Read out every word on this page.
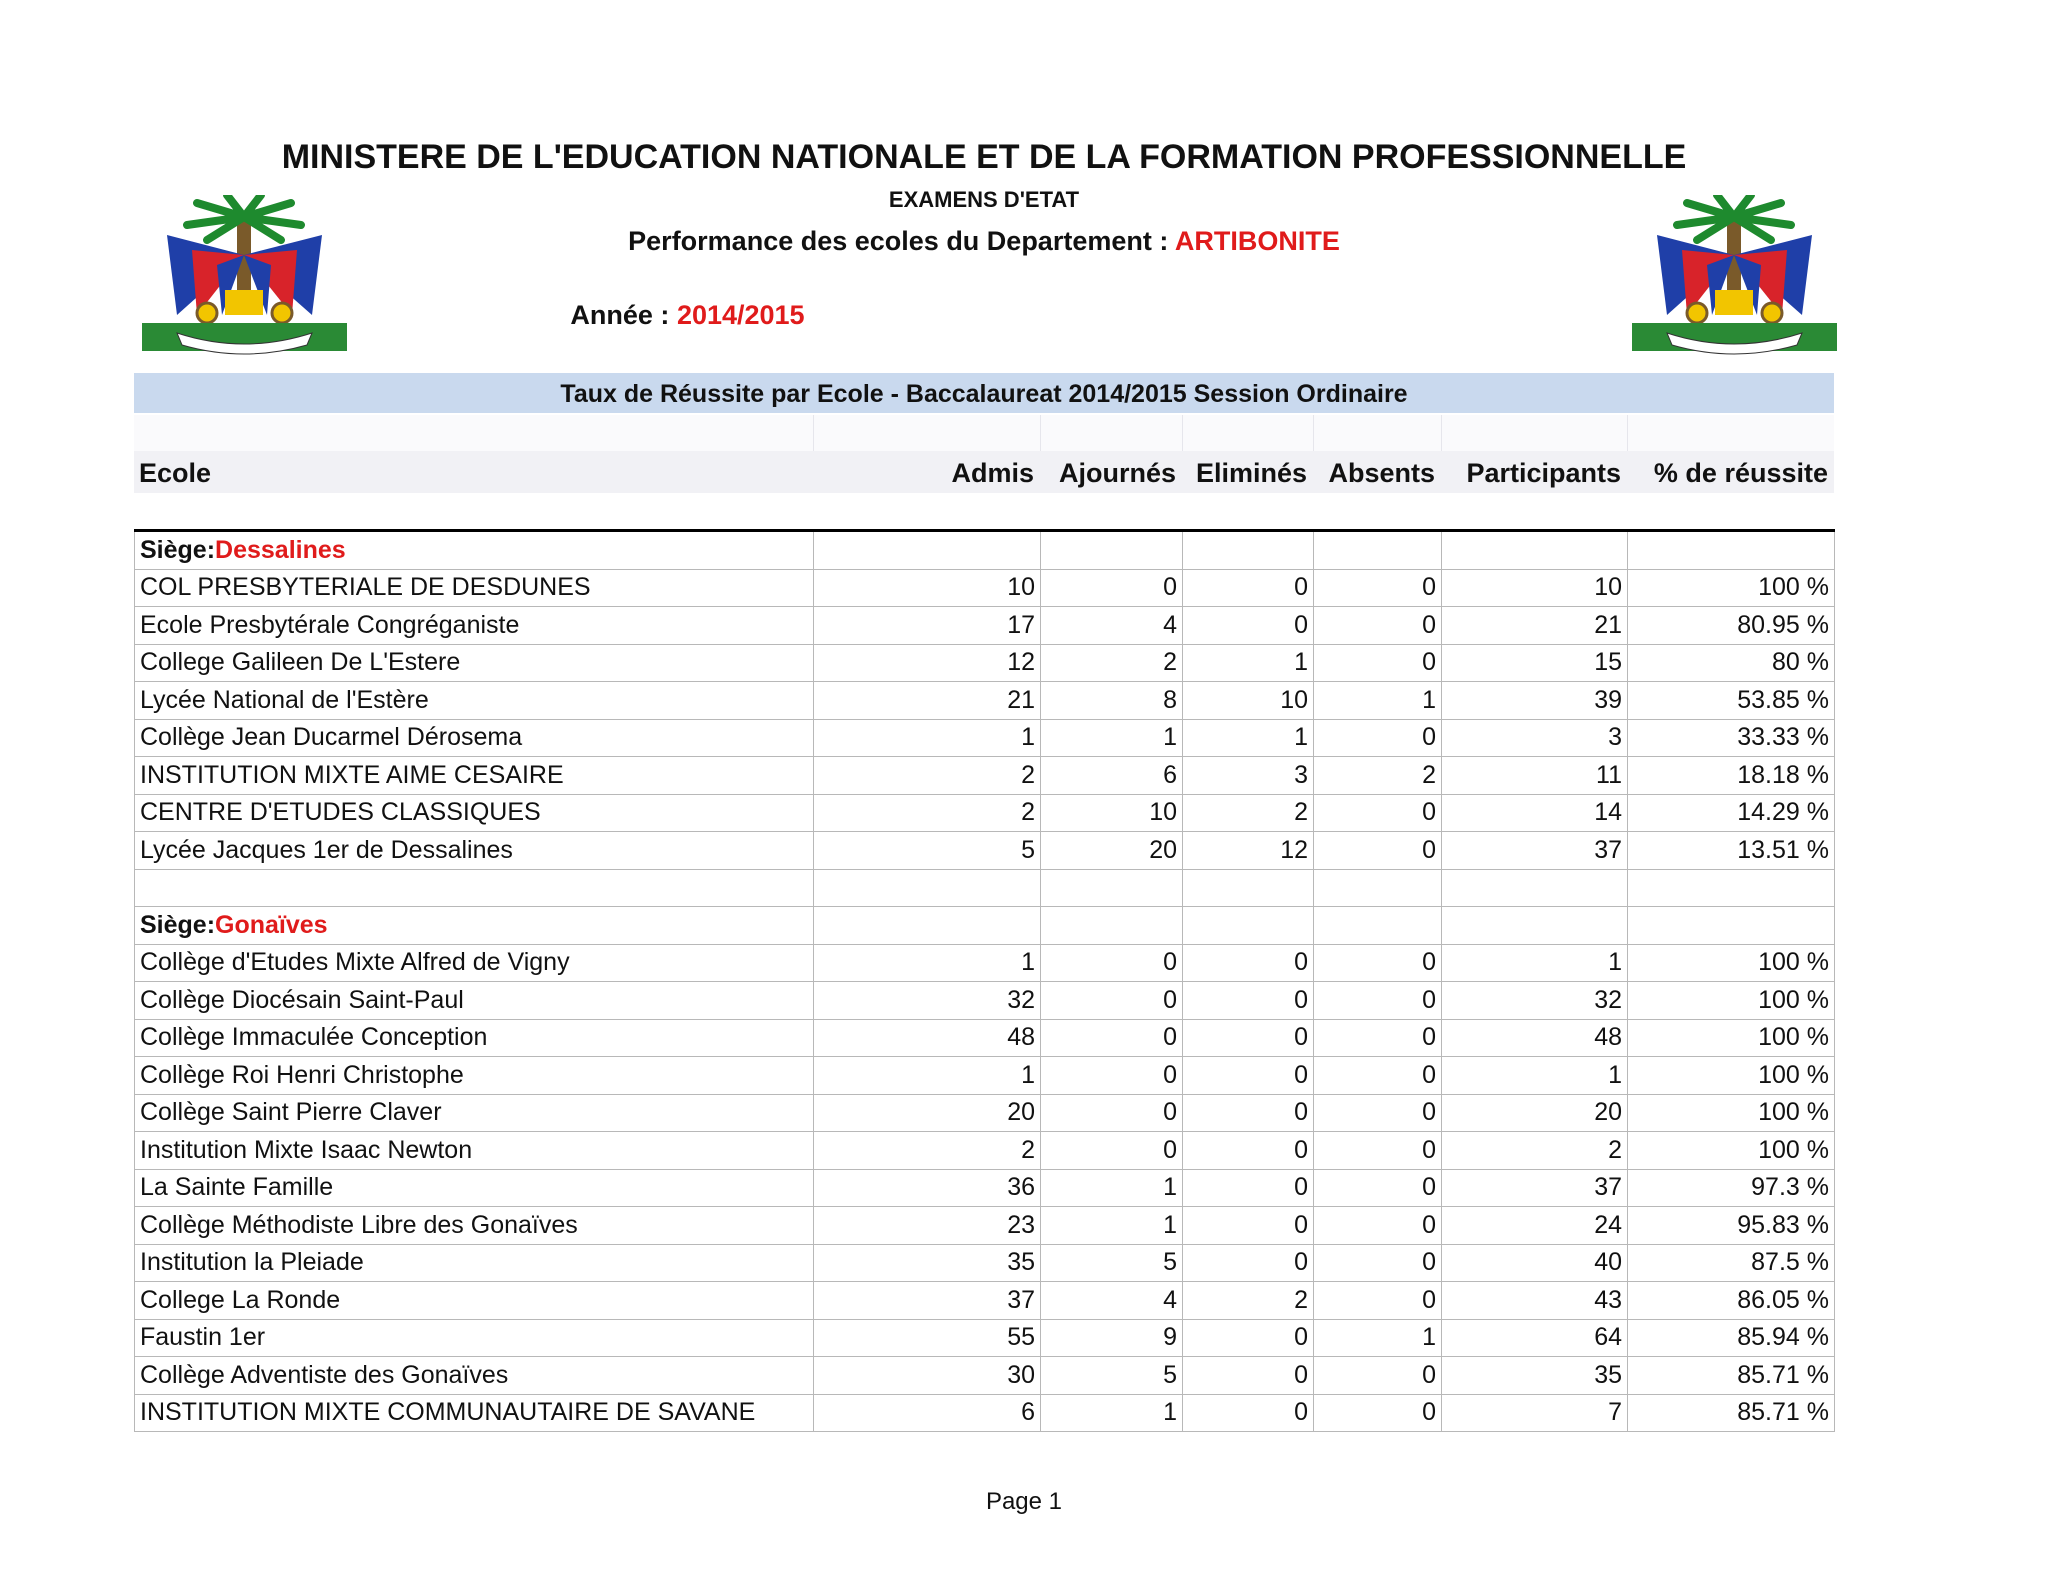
MINISTERE DE L'EDUCATION NATIONALE ET DE LA FORMATION PROFESSIONNELLE
EXAMENS D'ETAT
Performance des ecoles du Departement : ARTIBONITE
Année : 2014/2015
Taux de Réussite par Ecole - Baccalaureat 2014/2015 Session Ordinaire
Ecole	Admis Ajournés Eliminés Absents	Participants	% de réussite
Siège:Dessalines						
COL PRESBYTERIALE DE DESDUNES	10	0	0	0	10	100 %
Ecole Presbytérale Congréganiste	17	4	0	0	21	80.95 %
College Galileen De L'Estere	12	2	1	0	15	80 %
Lycée National de l'Estère	21	8	10	1	39	53.85 %
Collège Jean Ducarmel Dérosema	1	1	1	0	3	33.33 %
INSTITUTION MIXTE AIME CESAIRE	2	6	3	2	11	18.18 %
CENTRE D'ETUDES CLASSIQUES	2	10	2	0	14	14.29 %
Lycée Jacques 1er de Dessalines	5	20	12	0	37	13.51 %

Siège:Gonaïves						
Collège d'Etudes Mixte Alfred de Vigny	1	0	0	0	1	100 %
Collège Diocésain Saint-Paul	32	0	0	0	32	100 %
Collège Immaculée Conception	48	0	0	0	48	100 %
Collège Roi Henri Christophe	1	0	0	0	1	100 %
Collège Saint Pierre Claver	20	0	0	0	20	100 %
Institution Mixte Isaac Newton	2	0	0	0	2	100 %
La Sainte Famille	36	1	0	0	37	97.3 %
Collège Méthodiste Libre des Gonaïves	23	1	0	0	24	95.83 %
Institution la Pleiade	35	5	0	0	40	87.5 %
College La Ronde	37	4	2	0	43	86.05 %
Faustin 1er	55	9	0	1	64	85.94 %
Collège Adventiste des Gonaïves	30	5	0	0	35	85.71 %
INSTITUTION MIXTE COMMUNAUTAIRE DE SAVANE	6	1	0	0	7	85.71 %
Page 1
